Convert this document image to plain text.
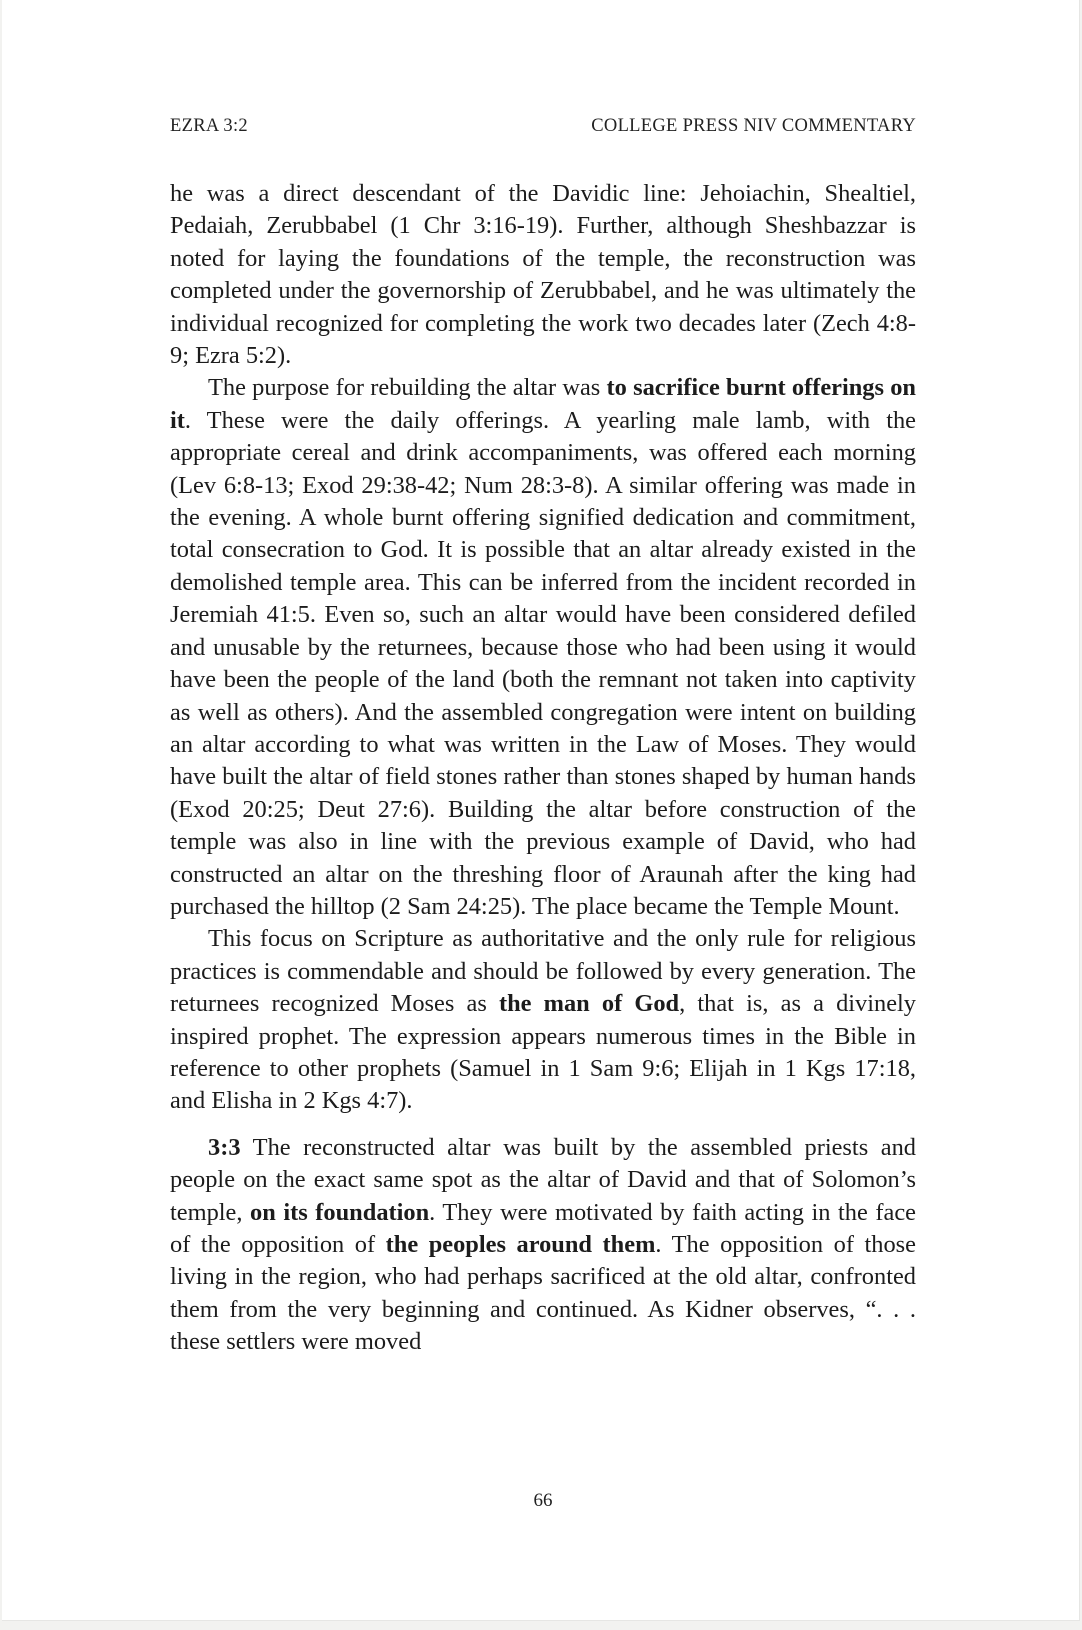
EZRA 3:2	COLLEGE PRESS NIV COMMENTARY

he was a direct descendant of the Davidic line: Jehoiachin, Shealtiel, Pedaiah, Zerubbabel (1 Chr 3:16-19). Further, although Sheshbazzar is noted for laying the foundations of the temple, the reconstruction was completed under the governorship of Zerubbabel, and he was ultimately the individual recognized for completing the work two decades later (Zech 4:8-9; Ezra 5:2).

The purpose for rebuilding the altar was to sacrifice burnt offerings on it. These were the daily offerings. A yearling male lamb, with the appropriate cereal and drink accompaniments, was offered each morning (Lev 6:8-13; Exod 29:38-42; Num 28:3-8). A similar offering was made in the evening. A whole burnt offering signified dedication and commitment, total consecration to God. It is possible that an altar already existed in the demolished temple area. This can be inferred from the incident recorded in Jeremiah 41:5. Even so, such an altar would have been considered defiled and unusable by the returnees, because those who had been using it would have been the people of the land (both the remnant not taken into captivity as well as others). And the assembled congregation were intent on building an altar according to what was written in the Law of Moses. They would have built the altar of field stones rather than stones shaped by human hands (Exod 20:25; Deut 27:6). Building the altar before construction of the temple was also in line with the previous example of David, who had constructed an altar on the threshing floor of Araunah after the king had purchased the hilltop (2 Sam 24:25). The place became the Temple Mount.

This focus on Scripture as authoritative and the only rule for religious practices is commendable and should be followed by every generation. The returnees recognized Moses as the man of God, that is, as a divinely inspired prophet. The expression appears numerous times in the Bible in reference to other prophets (Samuel in 1 Sam 9:6; Elijah in 1 Kgs 17:18, and Elisha in 2 Kgs 4:7).

3:3 The reconstructed altar was built by the assembled priests and people on the exact same spot as the altar of David and that of Solomon’s temple, on its foundation. They were motivated by faith acting in the face of the opposition of the peoples around them. The opposition of those living in the region, who had perhaps sacrificed at the old altar, confronted them from the very beginning and continued. As Kidner observes, “. . . these settlers were moved

66
